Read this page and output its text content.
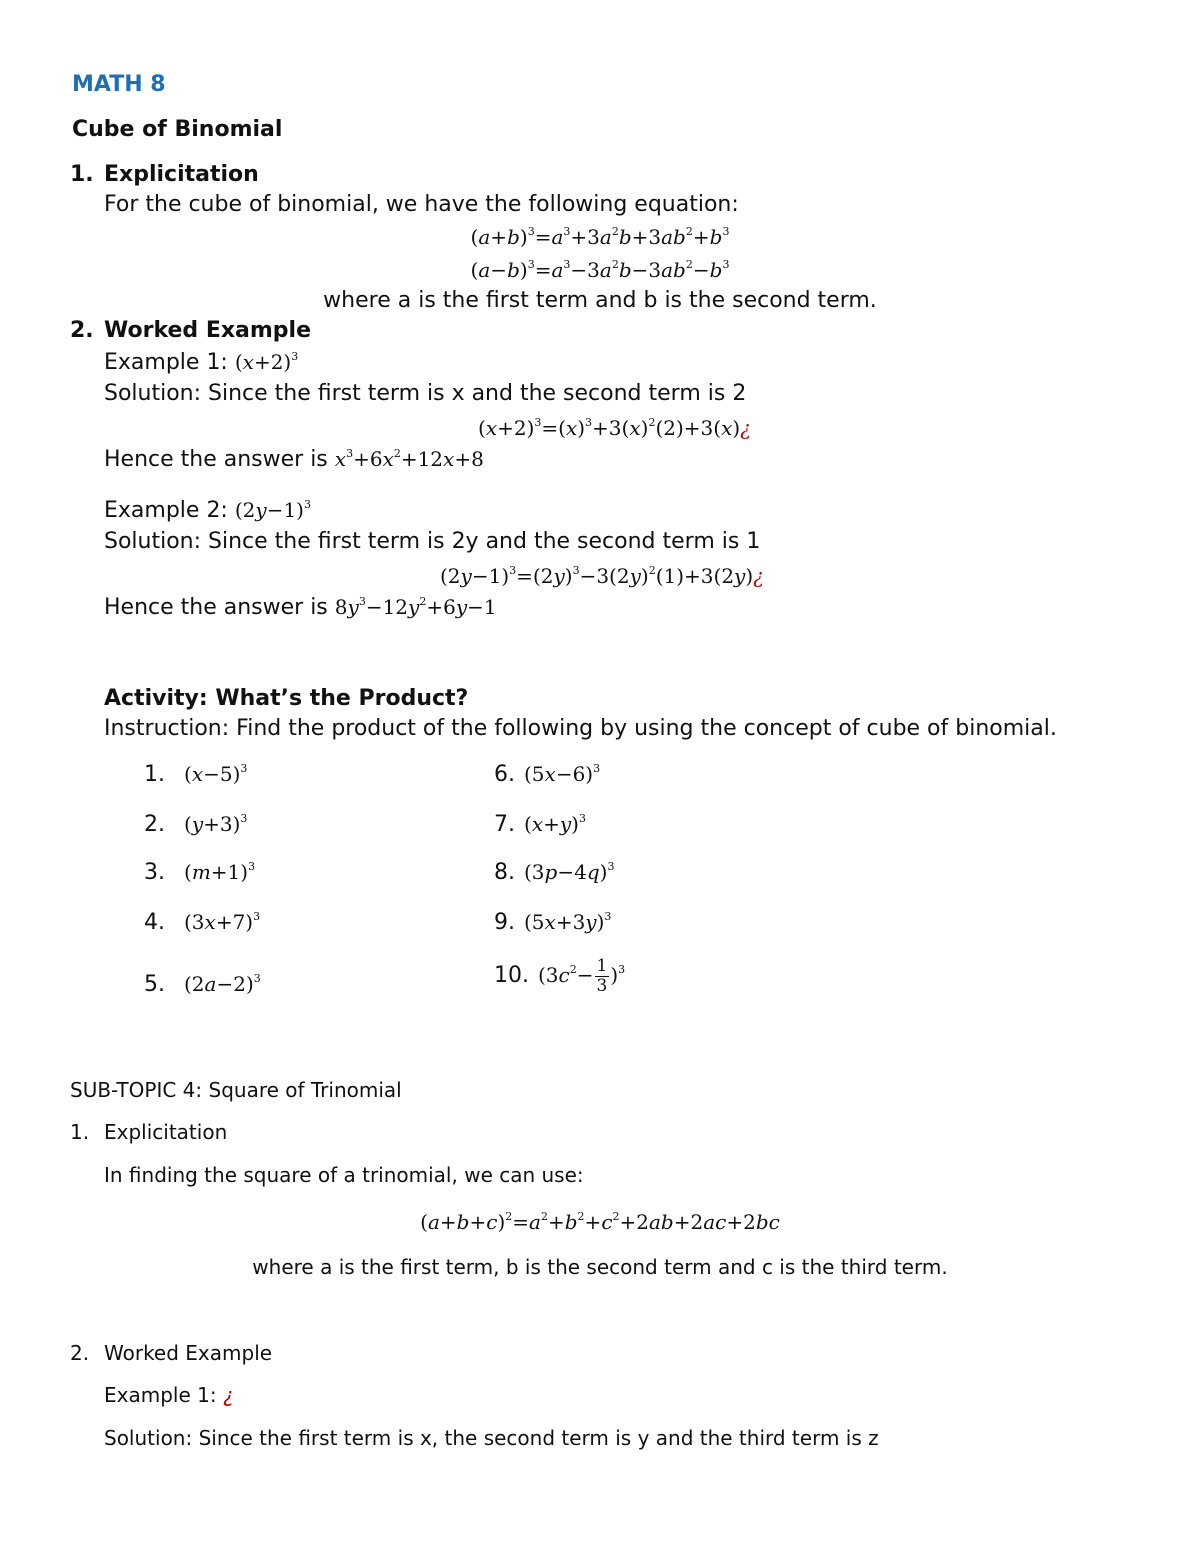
MATH 8
Cube of Binomial
1. Explicitation
For the cube of binomial, we have the following equation:
$(a+b)^3=a^3+3a^2b+3ab^2+b^3$
$(a-b)^3=a^3-3a^2b-3ab^2-b^3$
where a is the first term and b is the second term.
2. Worked Example
Example 1: $(x+2)^3$
Solution: Since the first term is x and the second term is 2
$(x+2)^3=(x)^3+3(x)^2(2)+3(x)¿$
Hence the answer is $x^3+6x^2+12x+8$
Example 2: $(2y-1)^3$
Solution: Since the first term is 2y and the second term is 1
$(2y-1)^3=(2y)^3-3(2y)^2(1)+3(2y)¿$
Hence the answer is $8y^3-12y^2+6y-1$
Activity: What’s the Product?
Instruction: Find the product of the following by using the concept of cube of binomial.
1. $(x-5)^3$
2. $(y+3)^3$
3. $(m+1)^3$
4. $(3x+7)^3$
5. $(2a-2)^3$
6. $(5x-6)^3$
7. $(x+y)^3$
8. $(3p-4q)^3$
9. $(5x+3y)^3$
10. $(3c^2- \frac{1}{3} )^3$
SUB-TOPIC 4: Square of Trinomial
1. Explicitation
In finding the square of a trinomial, we can use:
$(a+b+c)^2=a^2+b^2+c^2+2ab+2ac+2bc$
where a is the first term, b is the second term and c is the third term.
2. Worked Example
Example 1: ¿
Solution: Since the first term is x, the second term is y and the third term is z
